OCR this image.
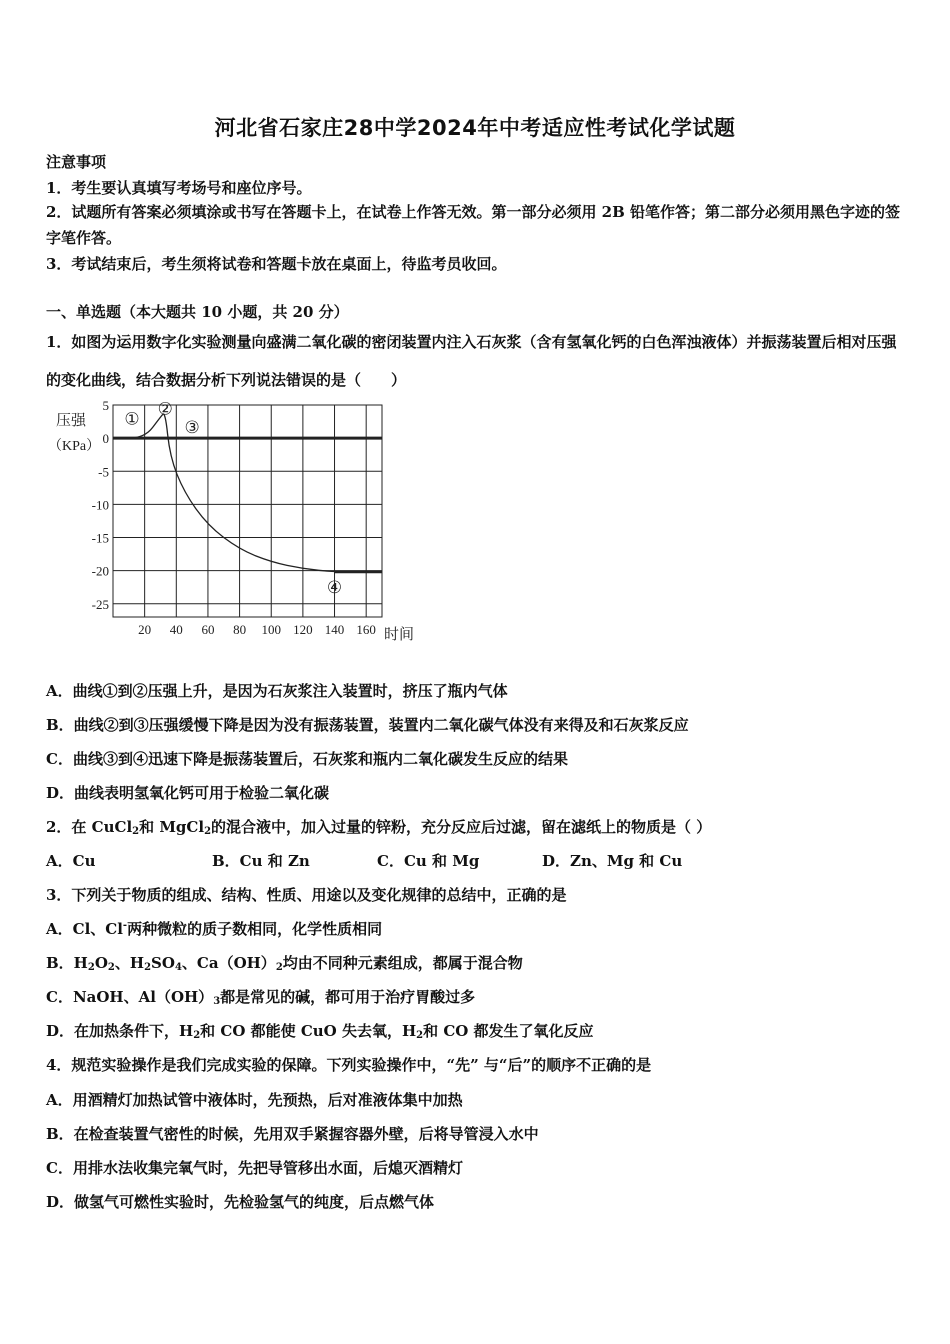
河北省石家庄28中学2024年中考适应性考试化学试题
注意事项
1．考生要认真填写考场号和座位序号。
2．试题所有答案必须填涂或书写在答题卡上，在试卷上作答无效。第一部分必须用 2B 铅笔作答；第二部分必须用黑色字迹的签字笔作答。
3．考试结束后，考生须将试卷和答题卡放在桌面上，待监考员收回。
一、单选题（本大题共 10 小题，共 20 分）
1．如图为运用数字化实验测量向盛满二氧化碳的密闭装置内注入石灰浆（含有氢氧化钙的白色浑浊液体）并振荡装置后相对压强的变化曲线，结合数据分析下列说法错误的是（　　）
5
0
-5
-10
-15
-20
-25
20 40 60 80 100 120 140 160
压强
（KPa）
时间
①
②
③
④
A．曲线①到②压强上升，是因为石灰浆注入装置时，挤压了瓶内气体
B．曲线②到③压强缓慢下降是因为没有振荡装置，装置内二氧化碳气体没有来得及和石灰浆反应
C．曲线③到④迅速下降是振荡装置后，石灰浆和瓶内二氧化碳发生反应的结果
D．曲线表明氢氧化钙可用于检验二氧化碳
2．在 CuCl$_2$和 MgCl$_2$的混合液中，加入过量的锌粉，充分反应后过滤，留在滤纸上的物质是（ ）
A．Cu	B．Cu 和 Zn	C．Cu 和 Mg	D．Zn、Mg 和 Cu
3．下列关于物质的组成、结构、性质、用途以及变化规律的总结中，正确的是
A．Cl、Cl-两种微粒的质子数相同，化学性质相同
B．$H_2O_2$、$H_2SO_4$、$Ca(OH)_2$均由不同种元素组成，都属于混合物
C．NaOH、$Al(OH)_3$都是常见的碱，都可用于治疗胃酸过多
D．在加热条件下，$H_2$和 CO 都能使 CuO 失去氧，$H_2$和 CO 都发生了氧化反应
4．规范实验操作是我们完成实验的保障。下列实验操作中，“先” 与“后”的顺序不正确的是
A．用酒精灯加热试管中液体时，先预热，后对准液体集中加热
B．在检查装置气密性的时候，先用双手紧握容器外壁，后将导管浸入水中
C．用排水法收集完氧气时，先把导管移出水面，后熄灭酒精灯
D．做氢气可燃性实验时，先检验氢气的纯度，后点燃气体
